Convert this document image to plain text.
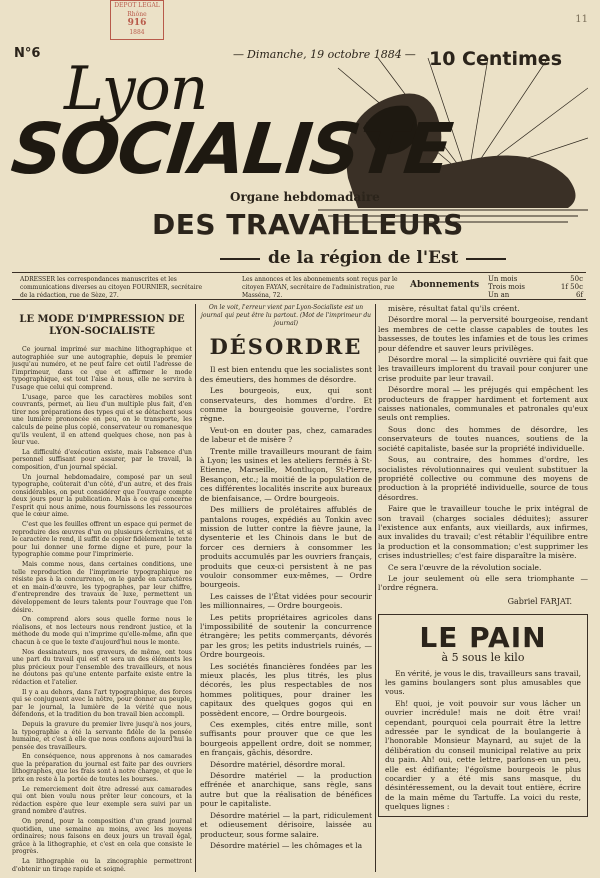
DEPOT LEGAL
Rhône
916
1884
11
N°6
—	Dimanche, 19 octobre 1884 —	10 Centimes
Lyon
SOCIALISTE
Organe hebdomadaire
DES TRAVAILLEURS
de la région de l'Est
ADRESSER les correspondances manuscrites et les communications diverses au citoyen FOURNIER, secrétaire de la rédaction, rue de Sèze, 27.
Les annonces et les abonnements sont reçus par le citoyen FAYAN, secrétaire de l'administration, rue Masséna, 72.
Abonnements
Un mois	50c
Trois mois	1f 50c
Un an	6f
LE MODE D'IMPRESSION DE LYON-SOCIALISTE

Ce journal imprimé sur machine lithographique et autographiée sur une autographie, depuis le premier jusqu'au numéro, et ne peut faire cet outil l'adresse de l'imprimeur, dans ce que et affirmer le mode typographique, est tout l'aise à nous, elle ne servira à l'usage que celui qui comprend.

L'usage, parce que les caractères mobiles sont couvrants, permet, au lieu d'un multiple plus fait, d'en tirer nos préparations des types qui et se détachent sous une lumière prononcée en peu, on le transporte, les calculs de peine plus copié, conservateur ou romanesque qu'ils veulent, il en attend quelques chose, non pas à leur vue.

La difficulté d'exécution existe, mais l'absence d'un personnel suffisant pour assurer, par le travail, la composition, d'un journal spécial.

Un journal hebdomadaire, composé par un seul typographe, coûterait d'un côté, d'un autre, et des frais considérables, on peut considérer que l'ouvrage compte deux jours pour la publication. Mais à ce qui concerne l'esprit qui nous anime, nous fournissons les ressources que le cœur aime.

C'est que les feuilles offrent un espace qui permet de reproduire des œuvres d'un ou plusieurs écrivains, et si le caractère le rend, il suffit de copier fidèlement le texte pour lui donner une forme digne et pure, pour la typographie comme pour l'imprimerie.

Mais comme nous, dans certaines conditions, une telle reproduction de l'imprimerie typographique ne résiste pas à la concurrence, on le garde en caractères et en main-d'œuvre, les typographes, par leur chiffre, d'entreprendre des travaux de luxe, permettent un développement de leurs talents pour l'ouvrage que l'on désire.

On comprend alors sous quelle forme nous le réalisons, et nos lecteurs nous rendront justice, et la méthode du mode qui n'imprime qu'elle-même, afin que chacun à ce que le texte d'aujourd'hui nous le monte.

Nos dessinateurs, nos graveurs, de même, ont tous une part du travail qui est et sera un des éléments les plus précieux pour l'ensemble des travailleurs, et nous ne doutons pas qu'une entente parfaite existe entre la rédaction et l'atelier.

Il y a au dehors, dans l'art typographique, des forces qui se conjuguent avec la nôtre, pour donner au peuple, par le journal, la lumière de la vérité que nous défendons, et la tradition du bon travail bien accompli.

Depuis la gravure du premier livre jusqu'à nos jours, la typographie a été la servante fidèle de la pensée humaine, et c'est à elle que nous confions aujourd'hui la pensée des travailleurs.

En conséquence, nous apprenons à nos camarades que la préparation du journal est faite par des ouvriers lithographes, que les frais sont à notre charge, et que le prix en reste à la portée de toutes les bourses.

Le remerciement doit être adressé aux camarades qui ont bien voulu nous prêter leur concours, et la rédaction espère que leur exemple sera suivi par un grand nombre d'autres.

On prend, pour la composition d'un grand journal quotidien, une semaine au moins, avec les moyens ordinaires; nous faisons en deux jours un travail égal, grâce à la lithographie, et c'est en cela que consiste le progrès.

La lithographie ou la zincographie permettront d'obtenir un tirage rapide et soigné.

On le voit, l'erreur vient par Lyon-Socialiste est un journal qui peut être lu partout. (Mot de l'imprimeur du journal)
DÉSORDRE

Il est bien entendu que les socialistes sont des émeutiers, des hommes de désordre.

Les bourgeois, eux, qui sont conservateurs, des hommes d'ordre. Et comme la bourgeoisie gouverne, l'ordre règne.

Veut-on en douter pas, chez, camarades de labeur et de misère ?

Trente mille travailleurs mourant de faim à Lyon; les usines et les ateliers fermés à St-Etienne, Marseille, Montluçon, St-Pierre, Besançon, etc.; la moitié de la population de ces différentes localités inscrite aux bureaux de bienfaisance, — Ordre bourgeois.

Des milliers de prolétaires affublés de pantalons rouges, expédiés au Tonkin avec mission de lutter contre la fièvre jaune, la dysenterie et les Chinois dans le but de forcer ces derniers à consommer les produits accumulés par les ouvriers français, produits que ceux-ci persistent à ne pas vouloir consommer eux-mêmes, — Ordre bourgeois.

Les caisses de l'État vidées pour secourir les millionnaires, — Ordre bourgeois.

Les petits propriétaires agricoles dans l'impossibilité de soutenir la concurrence étrangère; les petits commerçants, dévorés par les gros; les petits industriels ruinés, — Ordre bourgeois.

Les sociétés financières fondées par les mieux placés, les plus titrés, les plus décorés, les plus respectables de nos hommes politiques, pour drainer les capitaux des quelques gogos qui en possèdent encore, — Ordre bourgeois.

Ces exemples, cités entre mille, sont suffisants pour prouver que ce que les bourgeois appellent ordre, doit se nommer, en français, gâchis, désordre.

Désordre matériel, désordre moral.

Désordre matériel — la production effrénée et anarchique, sans règle, sans autre but que la réalisation de bénéfices pour le capitaliste.

Désordre matériel — la part, ridiculement et odieusement dérisoire, laissée au producteur, sous forme salaire.

Désordre matériel — les chômages et la

misère, résultat fatal qu'ils créent.

Désordre moral — la perversité bourgeoise, rendant les membres de cette classe capables de toutes les bassesses, de toutes les infamies et de tous les crimes pour défendre et sauver leurs privilèges.

Désordre moral — la simplicité ouvrière qui fait que les travailleurs implorent du travail pour conjurer une crise produite par leur travail.

Désordre moral — les préjugés qui empêchent les producteurs de frapper hardiment et fortement aux caisses nationales, communales et patronales qu'eux seuls ont remplies.

Sous donc des hommes de désordre, les conservateurs de toutes nuances, soutiens de la société capitaliste, basée sur la propriété individuelle.

Sous, au contraire, des hommes d'ordre, les socialistes révolutionnaires qui veulent substituer la propriété collective ou commune des moyens de production à la propriété individuelle, source de tous désordres.

Faire que le travailleur touche le prix intégral de son travail (charges sociales déduites); assurer l'existence aux enfants, aux vieillards, aux infirmes, aux invalides du travail; c'est rétablir l'équilibre entre la production et la consommation; c'est supprimer les crises industrielles; c'est faire disparaître la misère.

Ce sera l'œuvre de la révolution sociale.

Le jour seulement où elle sera triomphante — l'ordre régnera.

Gabriel FARJAT.
LE PAIN
à 5 sous le kilo

En vérité, je vous le dis, travailleurs sans travail, les gamins boulangers sont plus amusables que vous.

Eh! quoi, je voit pouvoir sur vous lâcher un ouvrier incrédule! mais ne doit être vrai! cependant, pourquoi cela pourrait être la lettre adressée par le syndicat de la boulangerie à l'honorable Monsieur Maynard, au sujet de la délibération du conseil municipal relative au prix du pain. Ah! oui, cette lettre, parlons-en un peu, elle est édifiante; l'égoïsme bourgeois le plus cocardier y a été mis sans masque, du désintéressement, ou la devait tout entière, écrire de la main même du Tartuffe. La voici du reste, quelques lignes :
